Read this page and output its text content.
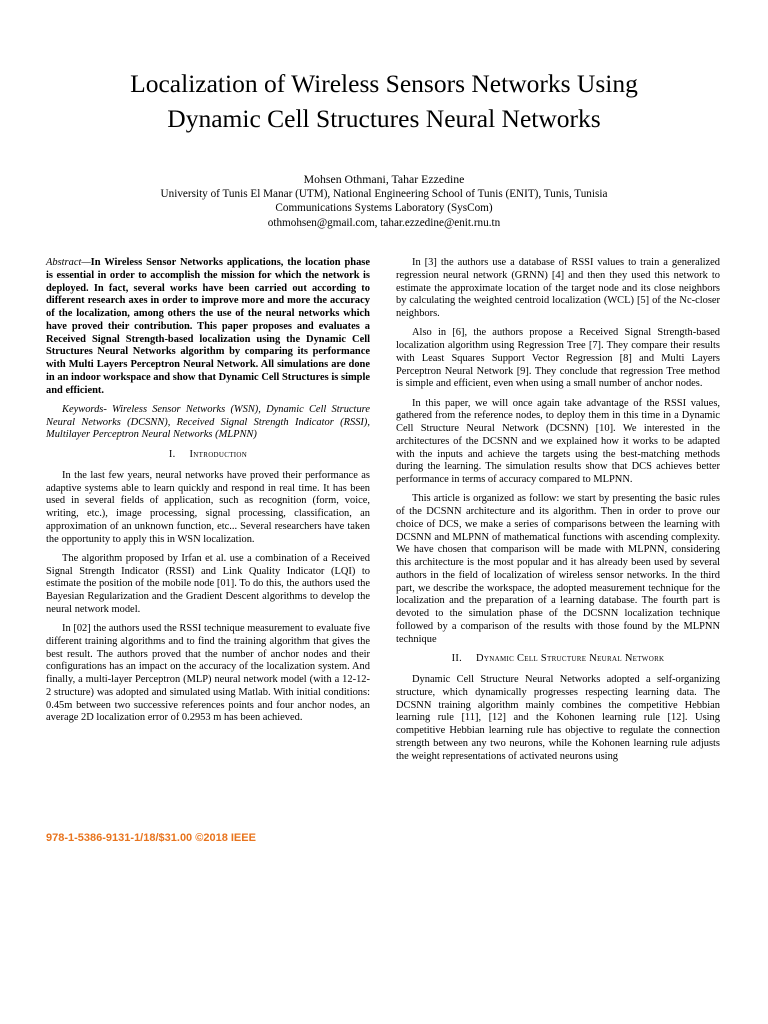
Localization of Wireless Sensors Networks Using
Dynamic Cell Structures Neural Networks
Mohsen Othmani, Tahar Ezzedine
University of Tunis El Manar (UTM), National Engineering School of Tunis (ENIT), Tunis, Tunisia
Communications Systems Laboratory (SysCom)
othmohsen@gmail.com, tahar.ezzedine@enit.rnu.tn

Abstract—In Wireless Sensor Networks applications, the location phase is essential in order to accomplish the mission for which the network is deployed. In fact, several works have been carried out according to different research axes in order to improve more and more the accuracy of the localization, among others the use of the neural networks which have proved their contribution. This paper proposes and evaluates a Received Signal Strength-based localization using the Dynamic Cell Structures Neural Networks algorithm by comparing its performance with Multi Layers Perceptron Neural Network. All simulations are done in an indoor workspace and show that Dynamic Cell Structures is simple and efficient.

Keywords- Wireless Sensor Networks (WSN), Dynamic Cell Structure Neural Networks (DCSNN), Received Signal Strength Indicator (RSSI), Multilayer Perceptron Neural Networks (MLPNN)

I. Introduction

In the last few years, neural networks have proved their performance as adaptive systems able to learn quickly and respond in real time. It has been used in several fields of application, such as recognition (form, voice, writing, etc.), image processing, signal processing, classification, an approximation of an unknown function, etc... Several researchers have taken the opportunity to apply this in WSN localization.

The algorithm proposed by Irfan et al. use a combination of a Received Signal Strength Indicator (RSSI) and Link Quality Indicator (LQI) to estimate the position of the mobile node [01]. To do this, the authors used the Bayesian Regularization and the Gradient Descent algorithms to develop the neural network model.

In [02] the authors used the RSSI technique measurement to evaluate five different training algorithms and to find the training algorithm that gives the best result. The authors proved that the number of anchor nodes and their configurations has an impact on the accuracy of the localization system. And finally, a multi-layer Perceptron (MLP) neural network model (with a 12-12-2 structure) was adopted and simulated using Matlab. With initial conditions: 0.45m between two successive references points and four anchor nodes, an average 2D localization error of 0.2953 m has been achieved.

In [3] the authors use a database of RSSI values to train a generalized regression neural network (GRNN) [4] and then they used this network to estimate the approximate location of the target node and its close neighbors by calculating the weighted centroid localization (WCL) [5] of the Nc-closer neighbors.

Also in [6], the authors propose a Received Signal Strength-based localization algorithm using Regression Tree [7]. They compare their results with Least Squares Support Vector Regression [8] and Multi Layers Perceptron Neural Network [9]. They conclude that regression Tree method is simple and efficient, even when using a small number of anchor nodes.

In this paper, we will once again take advantage of the RSSI values, gathered from the reference nodes, to deploy them in this time in a Dynamic Cell Structure Neural Network (DCSNN) [10]. We interested in the architectures of the DCSNN and we explained how it works to be adapted with the inputs and achieve the targets using the best-matching methods during the learning. The simulation results show that DCS achieves better performance in terms of accuracy compared to MLPNN.

This article is organized as follow: we start by presenting the basic rules of the DCSNN architecture and its algorithm. Then in order to prove our choice of DCS, we make a series of comparisons between the learning with DCSNN and MLPNN of mathematical functions with ascending complexity. We have chosen that comparison will be made with MLPNN, considering this architecture is the most popular and it has already been used by several authors in the field of localization of wireless sensor networks. In the third part, we describe the workspace, the adopted measurement technique for the localization and the preparation of a learning database. The fourth part is devoted to the simulation phase of the DCSNN localization technique followed by a comparison of the results with those found by the MLPNN technique

II. Dynamic Cell Structure Neural Network

Dynamic Cell Structure Neural Networks adopted a self-organizing structure, which dynamically progresses respecting learning data. The DCSNN training algorithm mainly combines the competitive Hebbian learning rule [11], [12] and the Kohonen learning rule [12]. Using competitive Hebbian learning rule has objective to regulate the connection strength between any two neurons, while the Kohonen learning rule adjusts the weight representations of activated neurons using

978-1-5386-9131-1/18/$31.00 ©2018 IEEE
